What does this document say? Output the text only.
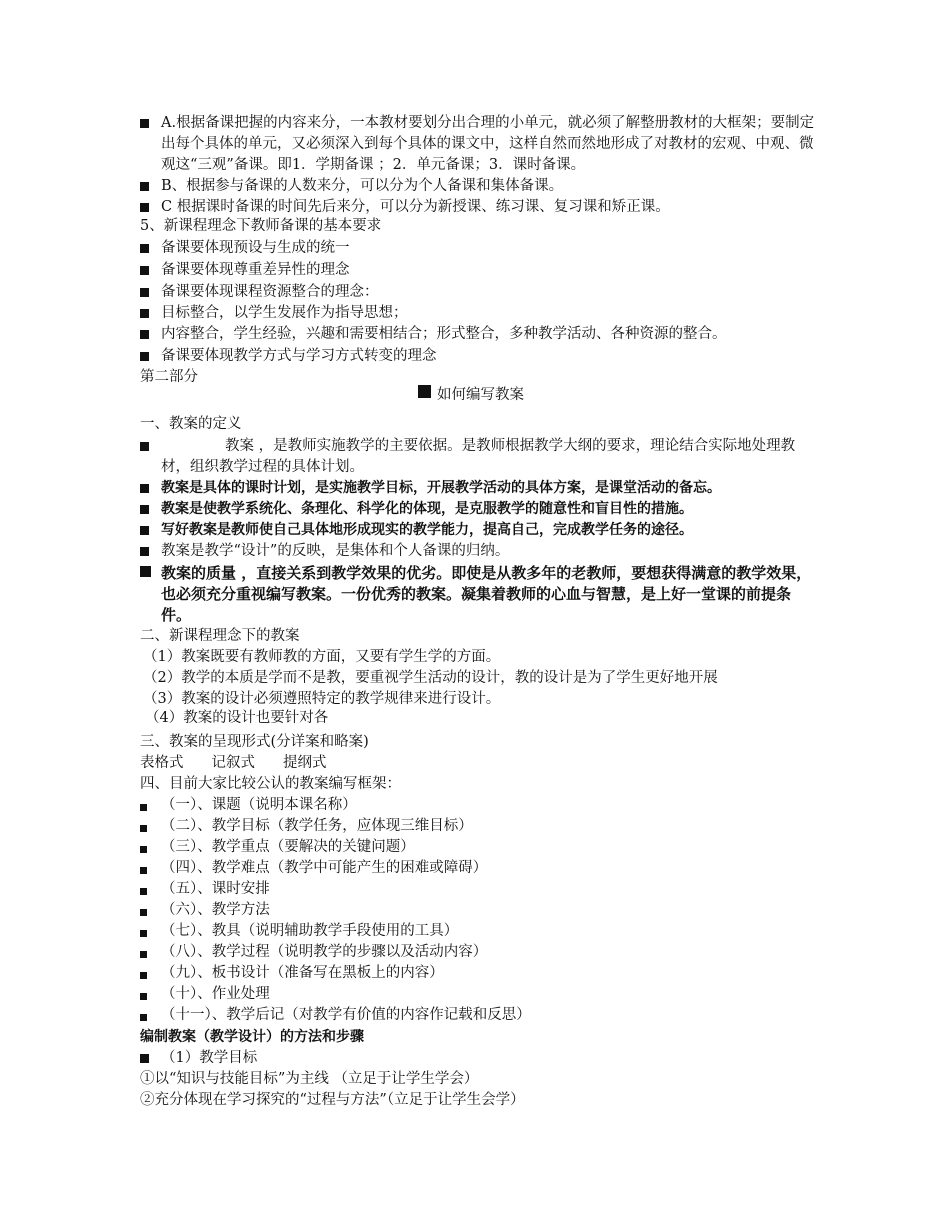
A.根据备课把握的内容来分，一本教材要划分出合理的小单元，就必须了解整册教材的大框架；要制定出每个具体的单元，又必须深入到每个具体的课文中，这样自然而然地形成了对教材的宏观、中观、微观这“三观”备课。即1．学期备课 ；2．单元备课；3．课时备课。
B、根据参与备课的人数来分，可以分为个人备课和集体备课。
C 根据课时备课的时间先后来分，可以分为新授课、练习课、复习课和矫正课。
5、新课程理念下教师备课的基本要求
备课要体现预设与生成的统一
备课要体现尊重差异性的理念
备课要体现课程资源整合的理念：
目标整合，以学生发展作为指导思想；
内容整合，学生经验，兴趣和需要相结合；形式整合，多种教学活动、各种资源的整合。
备课要体现教学方式与学习方式转变的理念
第二部分
如何编写教案
一、教案的定义
教案 ，是教师实施教学的主要依据。是教师根据教学大纲的要求，理论结合实际地处理教材，组织教学过程的具体计划。
教案是具体的课时计划，是实施教学目标，开展教学活动的具体方案，是课堂活动的备忘。
教案是使教学系统化、条理化、科学化的体现，是克服教学的随意性和盲目性的措施。
写好教案是教师使自己具体地形成现实的教学能力，提高自己，完成教学任务的途径。
教案是教学“设计”的反映，是集体和个人备课的归纳。
教案的质量 ，直接关系到教学效果的优劣。即使是从教多年的老教师，要想获得满意的教学效果，也必须充分重视编写教案。一份优秀的教案。凝集着教师的心血与智慧，是上好一堂课的前提条件。
二、新课程理念下的教案
（1）教案既要有教师教的方面，又要有学生学的方面。
（2）教学的本质是学而不是教，要重视学生活动的设计，教的设计是为了学生更好地开展
（3）教案的设计必须遵照特定的教学规律来进行设计。
（4）教案的设计也要针对各
三、教案的呈现形式(分详案和略案)
表格式 记叙式 提纲式
四、目前大家比较公认的教案编写框架：
（一）、课题（说明本课名称）
（二）、教学目标（教学任务，应体现三维目标）
（三）、教学重点（要解决的关键问题）
（四）、教学难点（教学中可能产生的困难或障碍）
（五）、课时安排
（六）、教学方法
（七）、教具（说明辅助教学手段使用的工具）
（八）、教学过程（说明教学的步骤以及活动内容）
（九）、板书设计（准备写在黑板上的内容）
（十）、作业处理
（十一）、教学后记（对教学有价值的内容作记载和反思）
编制教案（教学设计）的方法和步骤
（1）教学目标
①以“知识与技能目标”为主线 （立足于让学生学会）
②充分体现在学习探究的“过程与方法”（立足于让学生会学）
